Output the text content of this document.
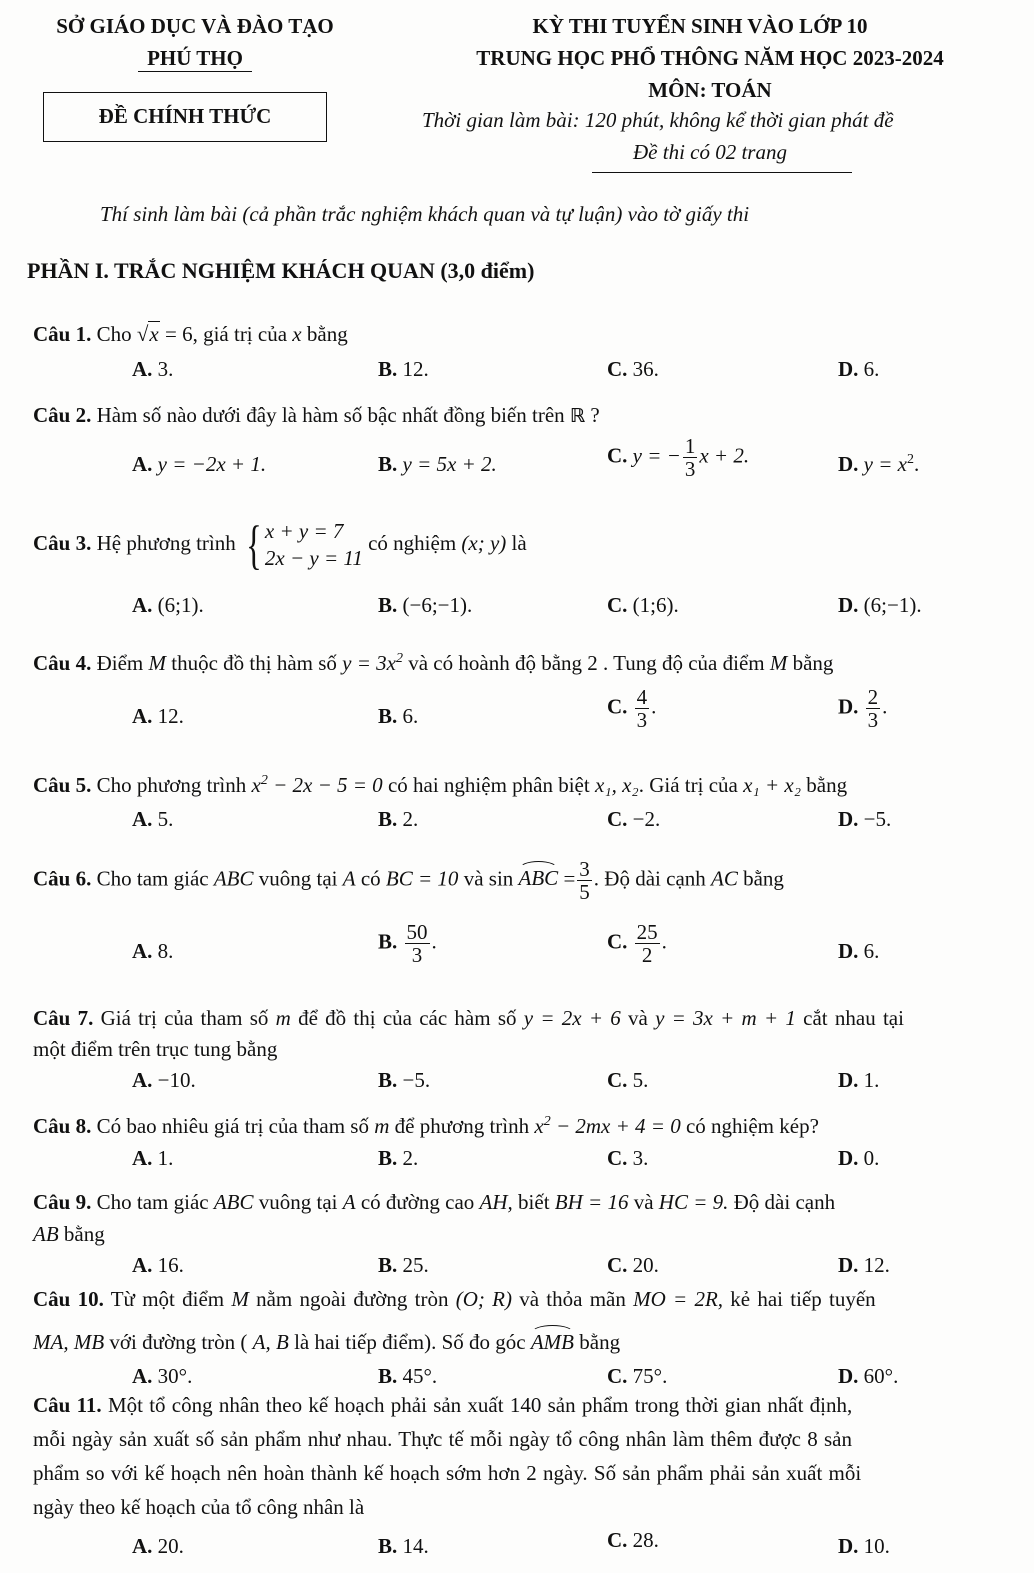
SỞ GIÁO DỤC VÀ ĐÀO TẠO
PHÚ THỌ
ĐỀ CHÍNH THỨC
KỲ THI TUYỂN SINH VÀO LỚP 10
TRUNG HỌC PHỔ THÔNG NĂM HỌC 2023-2024
MÔN: TOÁN
Thời gian làm bài: 120 phút, không kể thời gian phát đề
Đề thi có 02 trang
Thí sinh làm bài (cả phần trắc nghiệm khách quan và tự luận) vào tờ giấy thi
PHẦN I. TRẮC NGHIỆM KHÁCH QUAN (3,0 điểm)
Câu 1. Cho √x = 6, giá trị của x bằng
A. 3.	B. 12.	C. 36.	D. 6.
Câu 2. Hàm số nào dưới đây là hàm số bậc nhất đồng biến trên ℝ ?
A. y = −2x + 1.	B. y = 5x + 2.	C. y = − $\frac{1}{3}$ x + 2.	D. $y = x^2$.
Câu 3. Hệ phương trình { x + y = 7
2x − y = 11
có nghiệm (x; y) là
A. (6;1).	B. (−6;−1).	C. (1;6).	D. (6;−1).
Câu 4. Điểm M thuộc đồ thị hàm số $y = 3x^2$ và có hoành độ bằng 2 . Tung độ của điểm M bằng
A. 12.	B. 6.	C. $\frac{4}{3}$ .	D. $\frac{2}{3}$ .
Câu 5. Cho phương trình $x^2 - 2x - 5 = 0$ có hai nghiệm phân biệt x₁, x₂. Giá trị của x₁ + x₂ bằng
A. 5.	B. 2.	C. −2.	D. −5.
Câu 6. Cho tam giác ABC vuông tại A có BC = 10 và sin ABC = $\frac{3}{5}$ . Độ dài cạnh AC bằng
A. 8.	B. $\frac{50}{3}$ .	C. $\frac{25}{2}$ .	D. 6.
Câu 7. Giá trị của tham số m để đồ thị của các hàm số y = 2x + 6 và y = 3x + m + 1 cắt nhau tại
một điểm trên trục tung bằng
A. −10.	B. −5.	C. 5.	D. 1.
Câu 8. Có bao nhiêu giá trị của tham số m để phương trình $x^2 - 2mx + 4 = 0$ có nghiệm kép?
A. 1.	B. 2.	C. 3.	D. 0.
Câu 9. Cho tam giác ABC vuông tại A có đường cao AH, biết BH = 16 và HC = 9. Độ dài cạnh
AB bằng
A. 16.	B. 25.	C. 20.	D. 12.
Câu 10. Từ một điểm M nằm ngoài đường tròn (O; R) và thỏa mãn MO = 2R, kẻ hai tiếp tuyến
MA, MB với đường tròn ( A, B là hai tiếp điểm). Số đo góc AMB bằng
A. 30°.	B. 45°.	C. 75°.	D. 60°.
Câu 11. Một tổ công nhân theo kế hoạch phải sản xuất 140 sản phẩm trong thời gian nhất định,
mỗi ngày sản xuất số sản phẩm như nhau. Thực tế mỗi ngày tổ công nhân làm thêm được 8 sản
phẩm so với kế hoạch nên hoàn thành kế hoạch sớm hơn 2 ngày. Số sản phẩm phải sản xuất mỗi
ngày theo kế hoạch của tổ công nhân là
A. 20.	B. 14.	C. 28.	D. 10.
